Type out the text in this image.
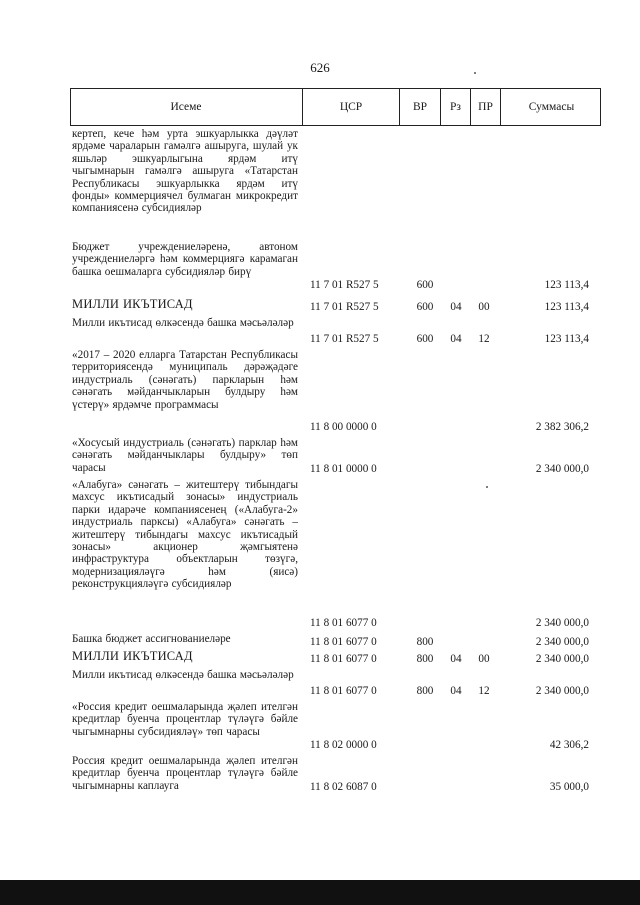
626
Исеме	ЦСР	ВР	Рз	ПР	Суммасы
кертеп, кече һәм урта эшкуарлыкка дәүләт ярдәме чараларын гамәлгә ашыруга, шулай ук яшьләр эшкуарлыгына ярдәм итү чыгымнарын гамәлгә ашыруга «Татарстан Республикасы эшкуарлыкка ярдәм итү фонды» коммерциячел булмаган микрокредит компаниясенә субсидияләр
Бюджет учреждениеләренә, автоном учреждениеләргә һәм коммерциягә карамаган башка оешмаларга субсидияләр бирү
11 7 01 R527 5	600	123 113,4
МИЛЛИ ИКЪТИСАД	11 7 01 R527 5	600	04	00	123 113,4
Милли икътисад өлкәсендә башка мәсьәләләр
11 7 01 R527 5	600	04	12	123 113,4
«2017 – 2020 елларга Татарстан Республикасы территориясендә муниципаль дәрәҗәдәге индустриаль (сәнәгать) паркларын һәм сәнәгать мәйданчыкларын булдыру һәм үстерү» ярдәмче программасы
11 8 00 0000 0	2 382 306,2
«Хосусый индустриаль (сәнәгать) парклар һәм сәнәгать мәйданчыклары булдыру» төп чарасы	11 8 01 0000 0	2 340 000,0
«Алабуга» сәнәгать – житештерү тибындагы махсус икътисадый зонасы» индустриаль парки идарәче компаниясенең («Алабуга-2» индустриаль парксы) «Алабуга» сәнәгать – житештерү тибындагы махсус икътисадый зонасы» акционер җәмгыятенә инфраструктура объектларын төзүгә, модернизацияләүгә һәм (яисә) реконструкцияләүгә субсидияләр
11 8 01 6077 0	2 340 000,0
Башка бюджет ассигнованиеләре	11 8 01 6077 0	800	2 340 000,0
МИЛЛИ ИКЪТИСАД	11 8 01 6077 0	800	04	00	2 340 000,0
Милли икътисад өлкәсендә башка мәсьәләләр
11 8 01 6077 0	800	04	12	2 340 000,0
«Россия кредит оешмаларында җәлеп ителгән кредитлар буенча процентлар түләүгә бәйле чыгымнарны субсидияләү» төп чарасы
11 8 02 0000 0	42 306,2
Россия кредит оешмаларында җәлеп ителгән кредитлар буенча процентлар түләүгә бәйле чыгымнарны каплауга	11 8 02 6087 0	35 000,0
